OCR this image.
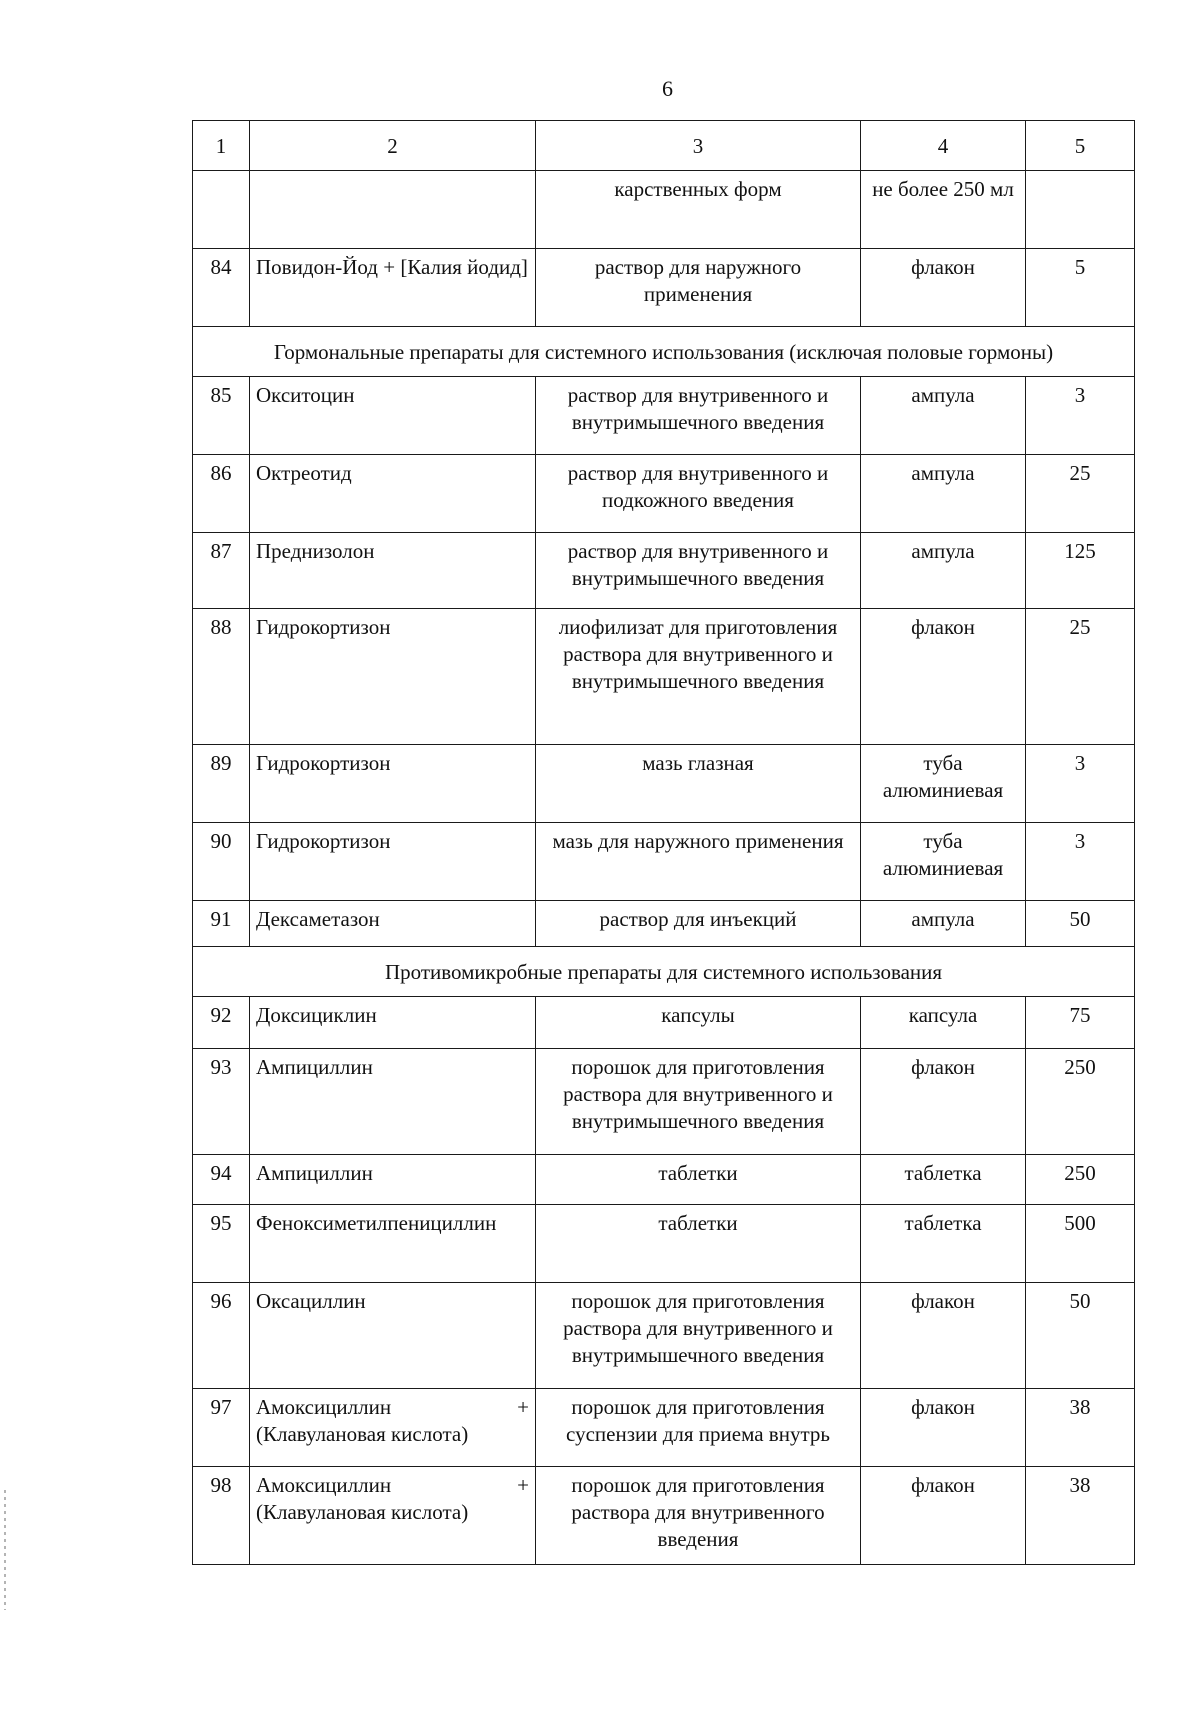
6
1	2	3	4	5
		карственных форм	не более 250 мл	
84	Повидон-Йод + [Калия йодид]	раствор для наружного применения	флакон	5
Гормональные препараты для системного использования (исключая половые гормоны)				
85	Окситоцин	раствор для внутривенного и внутримышечного введения	ампула	3
86	Октреотид	раствор для внутривенного и подкожного введения	ампула	25
87	Преднизолон	раствор для внутривенного и внутримышечного введения	ампула	125
88	Гидрокортизон	лиофилизат для приготовления раствора для внутривенного и внутримышечного введения	флакон	25
89	Гидрокортизон	мазь глазная	туба алюминиевая	3
90	Гидрокортизон	мазь для наружного применения	туба алюминиевая	3
91	Дексаметазон	раствор для инъекций	ампула	50
Противомикробные препараты для системного использования				
92	Доксициклин	капсулы	капсула	75
93	Ампициллин	порошок для приготовления раствора для внутривенного и внутримышечного введения	флакон	250
94	Ампициллин	таблетки	таблетка	250
95	Феноксиметилпенициллин	таблетки	таблетка	500
96	Оксациллин	порошок для приготовления раствора для внутривенного и внутримышечного введения	флакон	50
97	Амоксициллин + (Клавулановая кислота)	порошок для приготовления суспензии для приема внутрь	флакон	38
98	Амоксициллин + (Клавулановая кислота)	порошок для приготовления раствора для внутривенного введения	флакон	38
